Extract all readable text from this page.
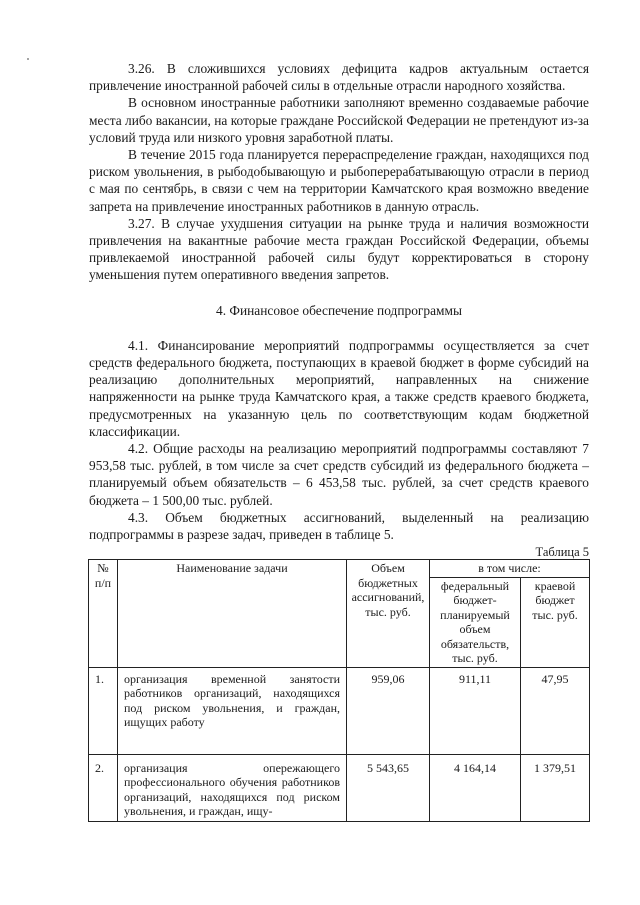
3.26. В сложившихся условиях дефицита кадров актуальным остается привлечение иностранной рабочей силы в отдельные отрасли народного хозяйства.

В основном иностранные работники заполняют временно создаваемые рабочие места либо вакансии, на которые граждане Российской Федерации не претендуют из-за условий труда или низкого уровня заработной платы.

В течение 2015 года планируется перераспределение граждан, находящихся под риском увольнения, в рыбодобывающую и рыбоперерабатывающую отрасли в период с мая по сентябрь, в связи с чем на территории Камчатского края возможно введение запрета на привлечение иностранных работников в данную отрасль.

3.27. В случае ухудшения ситуации на рынке труда и наличия возможности привлечения на вакантные рабочие места граждан Российской Федерации, объемы привлекаемой иностранной рабочей силы будут корректироваться в сторону уменьшения путем оперативного введения запретов.

4. Финансовое обеспечение подпрограммы

4.1. Финансирование мероприятий подпрограммы осуществляется за счет средств федерального бюджета, поступающих в краевой бюджет в форме субсидий на реализацию дополнительных мероприятий, направленных на снижение напряженности на рынке труда Камчатского края, а также средств краевого бюджета, предусмотренных на указанную цель по соответствующим кодам бюджетной классификации.

4.2. Общие расходы на реализацию мероприятий подпрограммы составляют 7 953,58 тыс. рублей, в том числе за счет средств субсидий из федерального бюджета – планируемый объем обязательств – 6 453,58 тыс. рублей, за счет средств краевого бюджета – 1 500,00 тыс. рублей.

4.3. Объем бюджетных ассигнований, выделенный на реализацию подпрограммы в разрезе задач, приведен в таблице 5.

Таблица 5
№ п/п	Наименование задачи	Объем бюджетных ассигнований, тыс. руб.	в том числе:	
			федеральный бюджет-планируемый объем обязательств, тыс. руб.	краевой бюджет тыс. руб.
1.	организация временной занятости работников организаций, находящихся под риском увольнения, и граждан, ищущих работу	959,06	911,11	47,95
2.	организация опережающего профессионального обучения работников организаций, находящихся под риском увольнения, и граждан, ищу-	5 543,65	4 164,14	1 379,51
